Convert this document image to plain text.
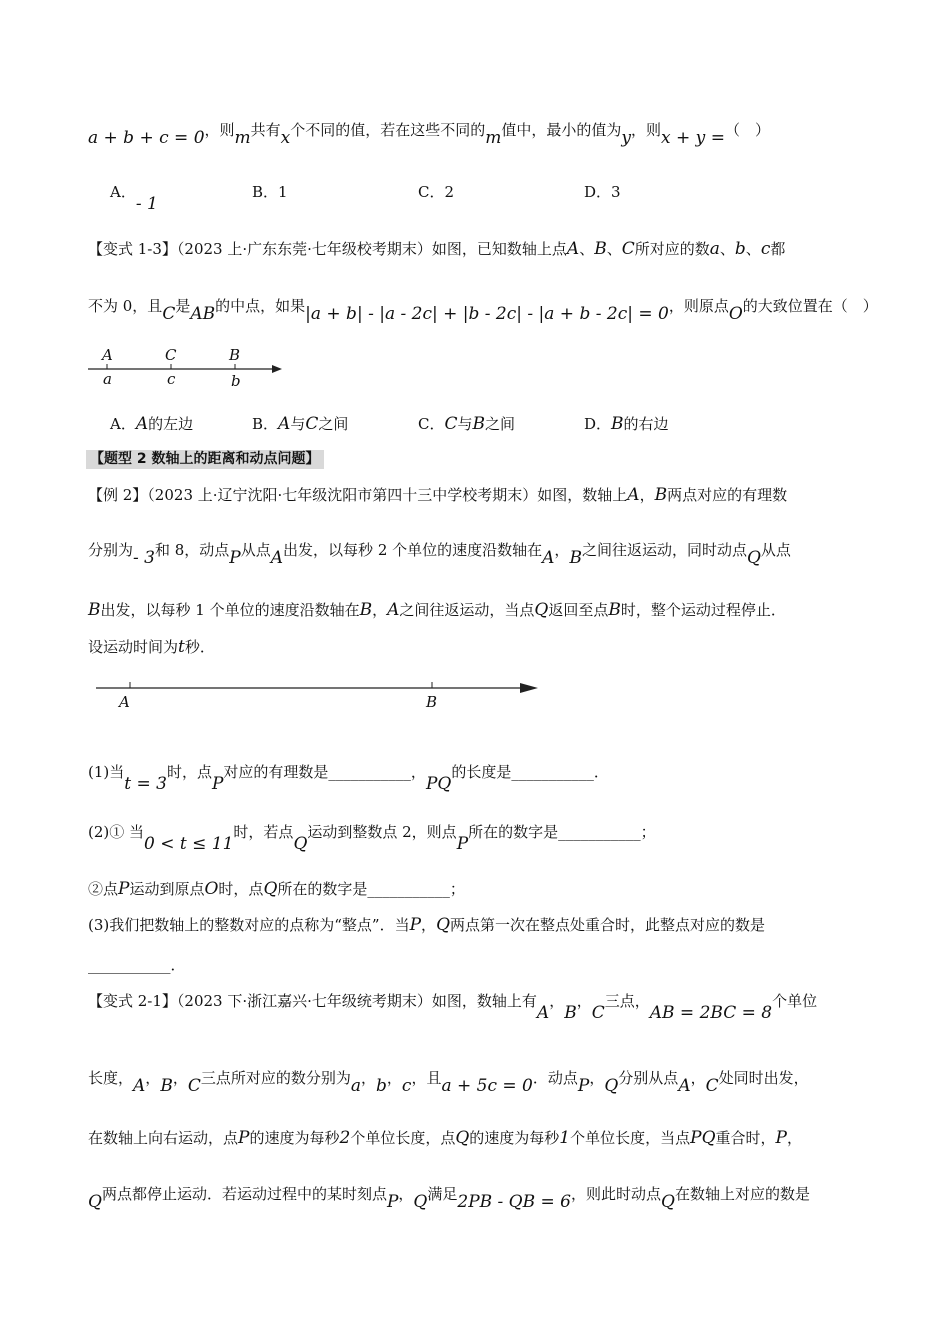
a + b + c = 0，则m共有x个不同的值，若在这些不同的m值中，最小的值为y，则x + y =（　）
A．- 1
B．1	C．2	D．3
【变式 1-3】（2023 上·广东东莞·七年级校考期末）如图，已知数轴上点A、B、C所对应的数a、b、c都
不为 0，且C是AB的中点，如果|a + b| - |a - 2c| + |b - 2c| - |a + b - 2c| = 0，则原点O的大致位置在（　）
A	C	B
a	c	b
A．A的左边	B．A与C之间	C．C与B之间	D．B的右边
【题型 2 数轴上的距离和动点问题】
【例 2】（2023 上·辽宁沈阳·七年级沈阳市第四十三中学校考期末）如图，数轴上A，B两点对应的有理数
分别为- 3和 8，动点P从点A出发，以每秒 2 个单位的速度沿数轴在A，B之间往返运动，同时动点Q从点
B出发，以每秒 1 个单位的速度沿数轴在B，A之间往返运动，当点Q返回至点B时，整个运动过程停止．
设运动时间为t秒．
A	B
(1)当t = 3时，点P对应的有理数是___________，PQ的长度是___________．
(2)① 当0 < t ≤ 11时，若点Q运动到整数点 2，则点P所在的数字是___________；
②点P运动到原点O时，点Q所在的数字是___________；
(3)我们把数轴上的整数对应的点称为“整点”．当P，Q两点第一次在整点处重合时，此整点对应的数是
___________．
【变式 2-1】（2023 下·浙江嘉兴·七年级统考期末）如图，数轴上有A，B，C三点，AB = 2BC = 8个单位
长度，A，B，C三点所对应的数分别为a，b，c，且a + 5c = 0．动点P，Q分别从点A，C处同时出发，
在数轴上向右运动，点P的速度为每秒2个单位长度，点Q的速度为每秒1个单位长度，当点PQ重合时，P，
Q两点都停止运动．若运动过程中的某时刻点P，Q满足2PB - QB = 6，则此时动点Q在数轴上对应的数是
